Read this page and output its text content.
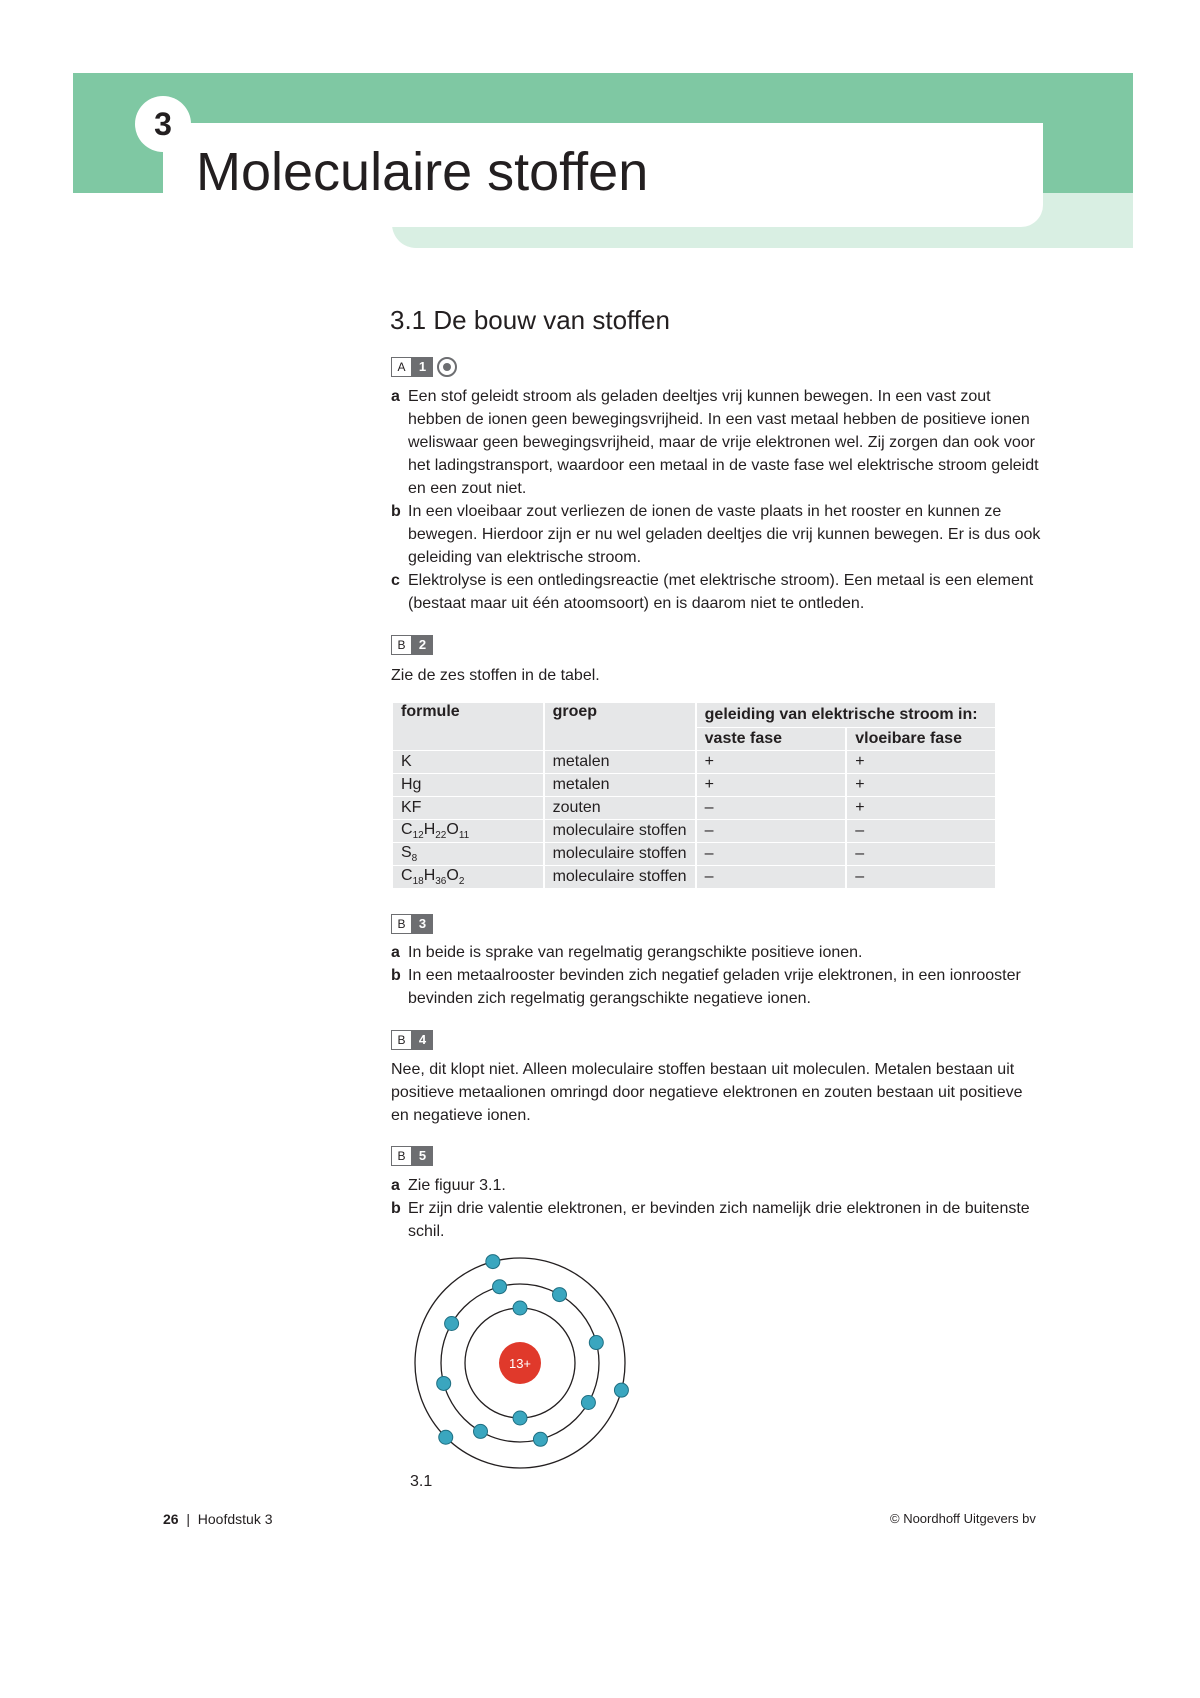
3
Moleculaire stoffen
3.1 De bouw van stoffen
A	1
a Een stof geleidt stroom als geladen deeltjes vrij kunnen bewegen. In een vast zout hebben de ionen geen bewegingsvrijheid. In een vast metaal hebben de positieve ionen weliswaar geen bewegingsvrijheid, maar de vrije elektronen wel. Zij zorgen dan ook voor het ladingstransport, waardoor een metaal in de vaste fase wel elektrische stroom geleidt en een zout niet.
b In een vloeibaar zout verliezen de ionen de vaste plaats in het rooster en kunnen ze bewegen. Hierdoor zijn er nu wel geladen deeltjes die vrij kunnen bewegen. Er is dus ook geleiding van elektrische stroom.
c Elektrolyse is een ontledingsreactie (met elektrische stroom). Een metaal is een element (bestaat maar uit één atoomsoort) en is daarom niet te ontleden.
B	2
Zie de zes stoffen in de tabel.
formule	groep	geleiding van elektrische stroom in:	
		vaste fase	vloeibare fase
K	metalen	+	+
Hg	metalen	+	+
KF	zouten	–	+
$C_{12}H_{22}O_{11}$	moleculaire stoffen	–	–
$S_8$	moleculaire stoffen	–	–
$C_{18}H_{36}O_2$	moleculaire stoffen	–	–
B	3
a In beide is sprake van regelmatig gerangschikte positieve ionen.
b In een metaalrooster bevinden zich negatief geladen vrije elektronen, in een ionrooster bevinden zich regelmatig gerangschikte negatieve ionen.
B	4

Nee, dit klopt niet. Alleen moleculaire stoffen bestaan uit moleculen. Metalen bestaan uit positieve metaalionen omringd door negatieve elektronen en zouten bestaan uit positieve en negatieve ionen.

B	5
a Zie figuur 3.1.
b Er zijn drie valentie elektronen, er bevinden zich namelijk drie elektronen in de buitenste schil.
13+
3.1
26  |  Hoofdstuk 3	© Noordhoff Uitgevers bv
